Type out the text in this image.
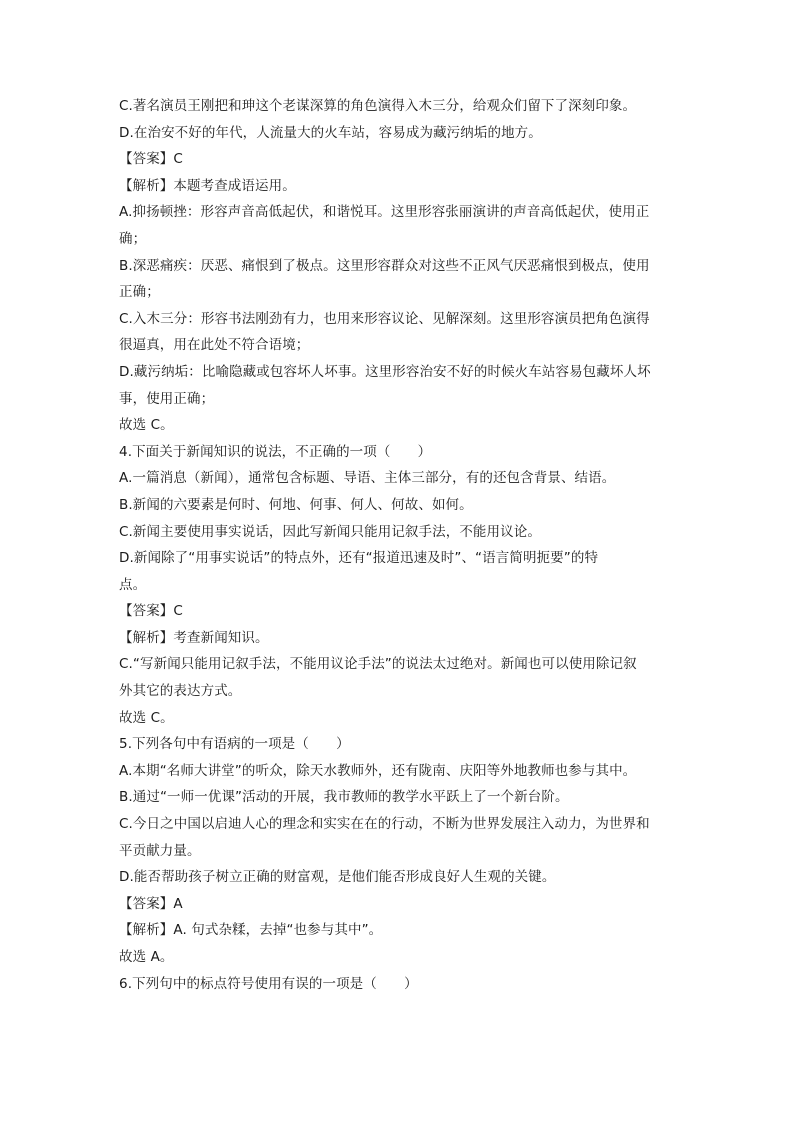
C.著名演员王刚把和珅这个老谋深算的角色演得入木三分，给观众们留下了深刻印象。
D.在治安不好的年代，人流量大的火车站，容易成为藏污纳垢的地方。
【答案】C
【解析】本题考查成语运用。
A.抑扬顿挫：形容声音高低起伏，和谐悦耳。这里形容张丽演讲的声音高低起伏，使用正
确；
B.深恶痛疾：厌恶、痛恨到了极点。这里形容群众对这些不正风气厌恶痛恨到极点，使用
正确；
C.入木三分：形容书法刚劲有力，也用来形容议论、见解深刻。这里形容演员把角色演得
很逼真，用在此处不符合语境；
D.藏污纳垢：比喻隐藏或包容坏人坏事。这里形容治安不好的时候火车站容易包藏坏人坏
事，使用正确；
故选 C。
4.下面关于新闻知识的说法，不正确的一项（　　）
A.一篇消息（新闻），通常包含标题、导语、主体三部分，有的还包含背景、结语。
B.新闻的六要素是何时、何地、何事、何人、何故、如何。
C.新闻主要使用事实说话，因此写新闻只能用记叙手法，不能用议论。
D.新闻除了“用事实说话”的特点外，还有“报道迅速及时”、“语言简明扼要”的特
点。
【答案】C
【解析】考查新闻知识。
C.“写新闻只能用记叙手法，不能用议论手法”的说法太过绝对。新闻也可以使用除记叙
外其它的表达方式。
故选 C。
5.下列各句中有语病的一项是（　　）
A.本期“名师大讲堂”的听众，除天水教师外，还有陇南、庆阳等外地教师也参与其中。
B.通过“一师一优课”活动的开展，我市教师的教学水平跃上了一个新台阶。
C.今日之中国以启迪人心的理念和实实在在的行动，不断为世界发展注入动力，为世界和
平贡献力量。
D.能否帮助孩子树立正确的财富观，是他们能否形成良好人生观的关键。
【答案】A
【解析】A. 句式杂糅，去掉“也参与其中”。
故选 A。
6.下列句中的标点符号使用有误的一项是（　　）
